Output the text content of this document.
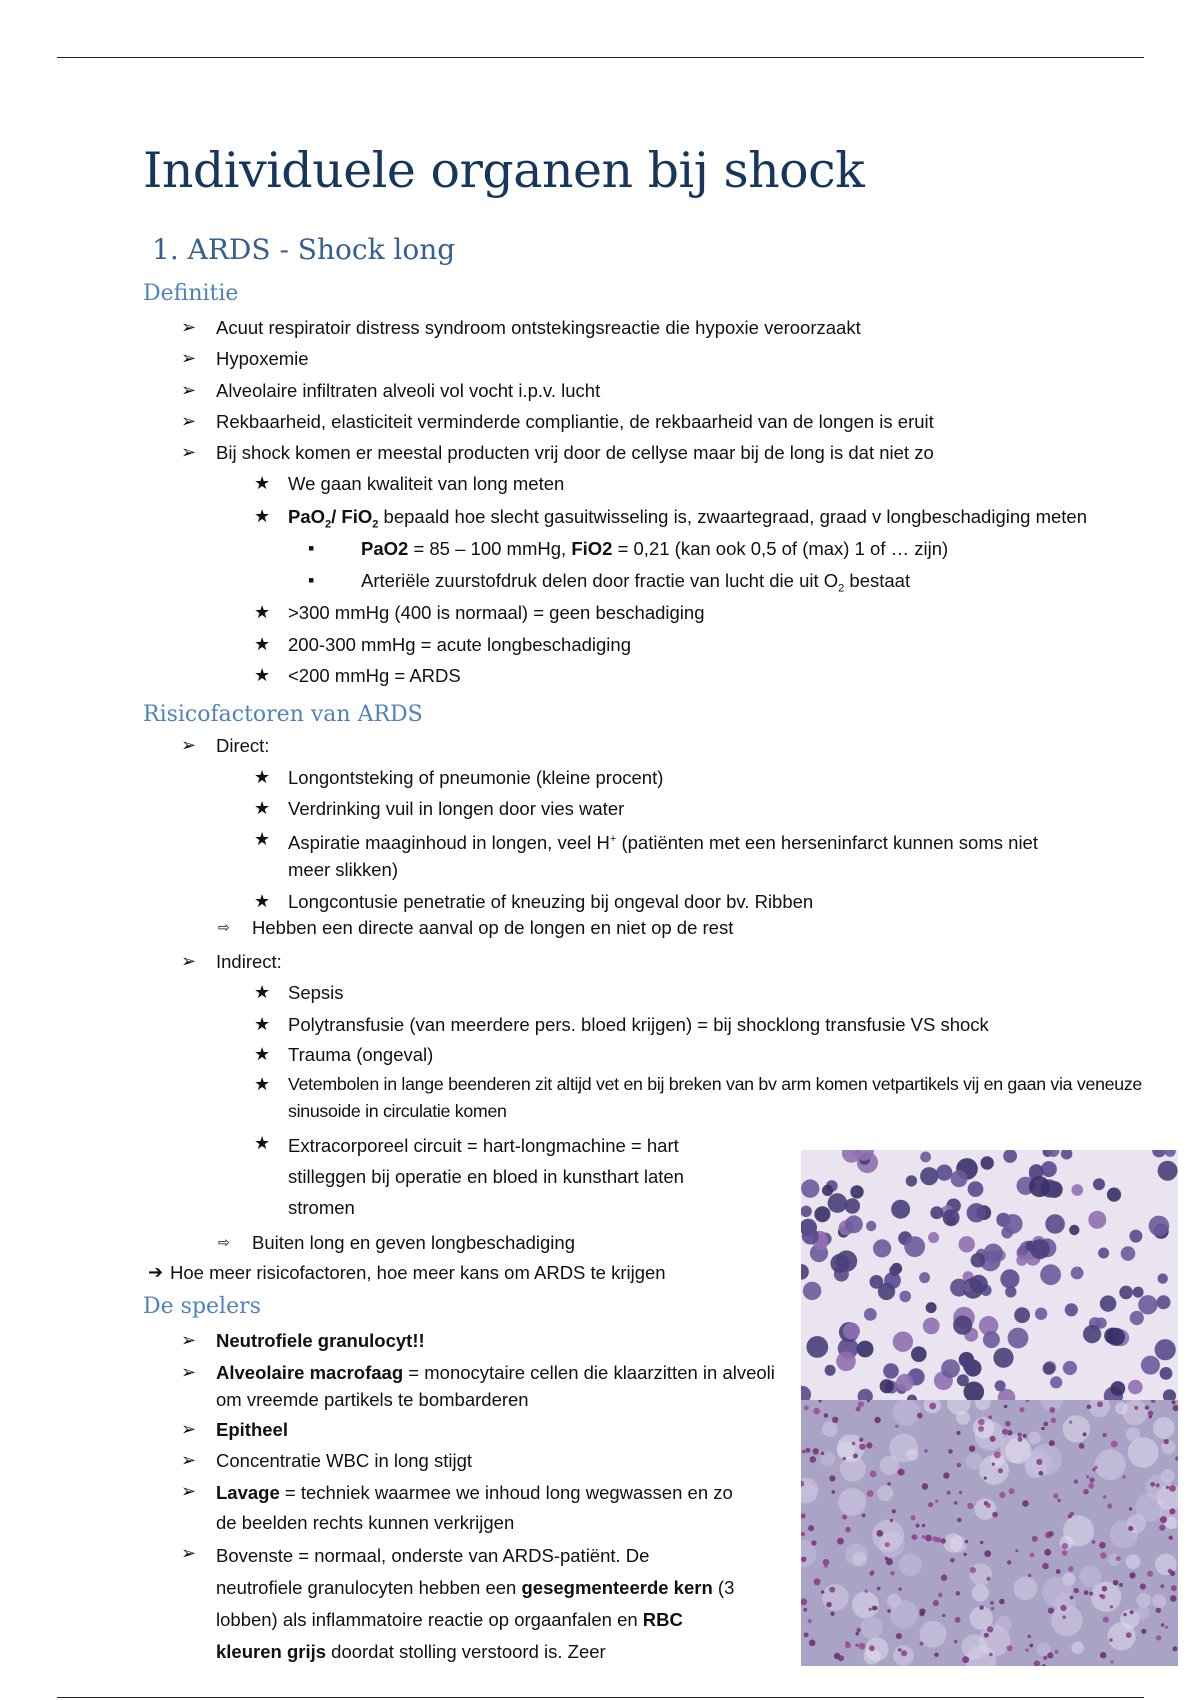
Individuele organen bij shock
1. ARDS - Shock long
Definitie
➢ Acuut respiratoir distress syndroom ontstekingsreactie die hypoxie veroorzaakt
➢ Hypoxemie
➢ Alveolaire infiltraten alveoli vol vocht i.p.v. lucht
➢ Rekbaarheid, elasticiteit verminderde compliantie, de rekbaarheid van de longen is eruit
➢ Bij shock komen er meestal producten vrij door de cellyse maar bij de long is dat niet zo
★ We gaan kwaliteit van long meten
★ PaO$_2$/ FiO$_2$ bepaald hoe slecht gasuitwisseling is, zwaartegraad, graad v longbeschadiging meten
▪	PaO2 = 85 – 100 mmHg, FiO2 = 0,21 (kan ook 0,5 of (max) 1 of … zijn)
▪	Arteriële zuurstofdruk delen door fractie van lucht die uit $O_2$ bestaat
★ >300 mmHg (400 is normaal) = geen beschadiging
★ 200-300 mmHg = acute longbeschadiging
★ <200 mmHg = ARDS
Risicofactoren van ARDS
➢ Direct:
★ Longontsteking of pneumonie (kleine procent)
★ Verdrinking vuil in longen door vies water
★ Aspiratie maaginhoud in longen, veel H+ (patiënten met een herseninfarct kunnen soms niet meer slikken)
★ Longcontusie penetratie of kneuzing bij ongeval door bv. Ribben
⇨ Hebben een directe aanval op de longen en niet op de rest
➢ Indirect:
★ Sepsis
★ Polytransfusie (van meerdere pers. bloed krijgen) = bij shocklong transfusie VS shock
★ Trauma (ongeval)
★ Vetembolen in lange beenderen zit altijd vet en bij breken van bv arm komen vetpartikels vij en gaan via veneuze sinusoide in circulatie komen
★ Extracorporeel circuit = hart-longmachine = hart stilleggen bij operatie en bloed in kunsthart laten stromen
⇨ Buiten long en geven longbeschadiging
➔ Hoe meer risicofactoren, hoe meer kans om ARDS te krijgen
De spelers
➢ Neutrofiele granulocyt!!
➢ Alveolaire macrofaag = monocytaire cellen die klaarzitten in alveoli om vreemde partikels te bombarderen
➢ Epitheel
➢ Concentratie WBC in long stijgt
➢ Lavage = techniek waarmee we inhoud long wegwassen en zo de beelden rechts kunnen verkrijgen
➢ Bovenste = normaal, onderste van ARDS-patiënt. De neutrofiele granulocyten hebben een gesegmenteerde kern (3 lobben) als inflammatoire reactie op orgaanfalen en RBC kleuren grijs doordat stolling verstoord is. Zeer
